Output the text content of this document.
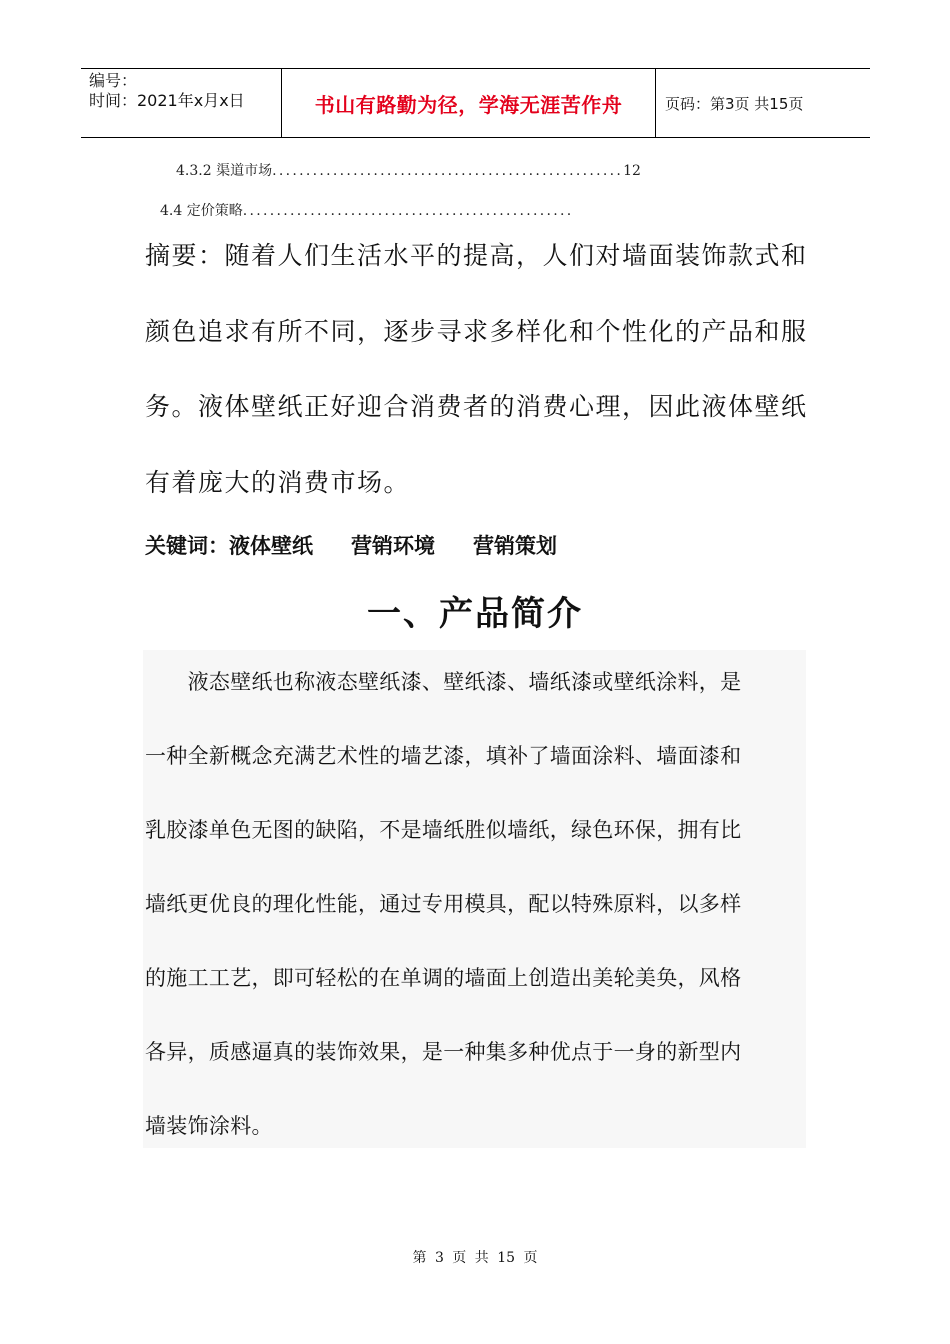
编号：
时间：2021年x月x日	书山有路勤为径，学海无涯苦作舟	页码：第3页 共15页
4.3.2 渠道市场....................................................12
4.4 定价策略.................................................
摘要：随着人们生活水平的提高，人们对墙面装饰款式和
颜色追求有所不同，逐步寻求多样化和个性化的产品和服
务。液体壁纸正好迎合消费者的消费心理，因此液体壁纸
有着庞大的消费市场。
关键词：液体壁纸 营销环境 营销策划
一、产品简介
　　液态壁纸也称液态壁纸漆、壁纸漆、墙纸漆或壁纸涂料，是
一种全新概念充满艺术性的墙艺漆，填补了墙面涂料、墙面漆和
乳胶漆单色无图的缺陷，不是墙纸胜似墙纸，绿色环保，拥有比
墙纸更优良的理化性能，通过专用模具，配以特殊原料，以多样
的施工工艺，即可轻松的在单调的墙面上创造出美轮美奂，风格
各异，质感逼真的装饰效果，是一种集多种优点于一身的新型内
墙装饰涂料。
第 3 页 共 15 页
